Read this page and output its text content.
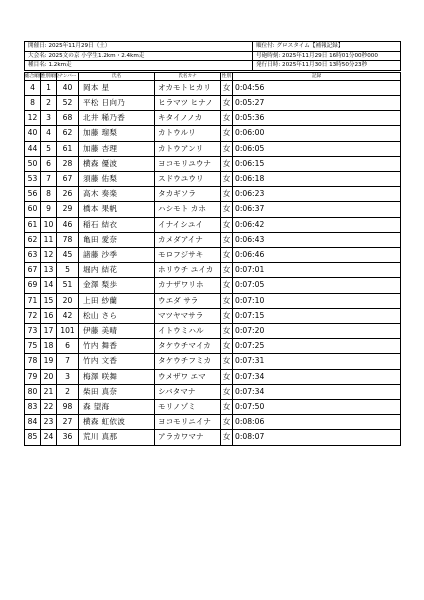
開催日: 2025年11月29日（土）	順位付: グロスタイム【補報記録】
大会名: 2025文の京 小学生1.2km・2.4km走	号砲時刻: 2025年11月29日 16時01分00秒000
種目名: 1.2km走	発行日時: 2025年11月30日 13時50分23秒
総合順位	性別順位	ナンバー	氏名	氏名カナ	性別	記録
4	1	40	岡本 星	オカモトヒカリ	女	0:04:56
8	2	52	平松 日向乃	ヒラマツ ヒナノ	女	0:05:27
12	3	68	北井 稀乃香	キタイノノカ	女	0:05:36
40	4	62	加藤 瑠梨	カトウルリ	女	0:06:00
44	5	61	加藤 杏理	カトウアンリ	女	0:06:05
50	6	28	横森 優波	ヨコモリユウナ	女	0:06:15
53	7	67	須藤 佑梨	スドウユウリ	女	0:06:18
56	8	26	高木 奏楽	タカギソラ	女	0:06:23
60	9	29	橋本 果帆	ハシモト カホ	女	0:06:37
61	10	46	稲石 結衣	イナイシユイ	女	0:06:42
62	11	78	亀田 愛奈	カメダアイナ	女	0:06:43
63	12	45	諸藤 沙季	モロフジサキ	女	0:06:46
67	13	5	堀内 結花	ホリウチ ユイカ	女	0:07:01
69	14	51	金澤 梨歩	カナザワリホ	女	0:07:05
71	15	20	上田 紗蘭	ウエダ サラ	女	0:07:10
72	16	42	松山 さら	マツヤマサラ	女	0:07:15
73	17	101	伊藤 美晴	イトウミハル	女	0:07:20
75	18	6	竹内 舞香	タケウチマイカ	女	0:07:25
78	19	7	竹内 文香	タケウチフミカ	女	0:07:31
79	20	3	梅澤 咲舞	ウメザワ エマ	女	0:07:34
80	21	2	柴田 真奈	シバタマナ	女	0:07:34
83	22	98	森 望海	モリノゾミ	女	0:07:50
84	23	27	横森 虹依波	ヨコモリニイナ	女	0:08:06
85	24	36	荒川 真那	アラカワマナ	女	0:08:07
